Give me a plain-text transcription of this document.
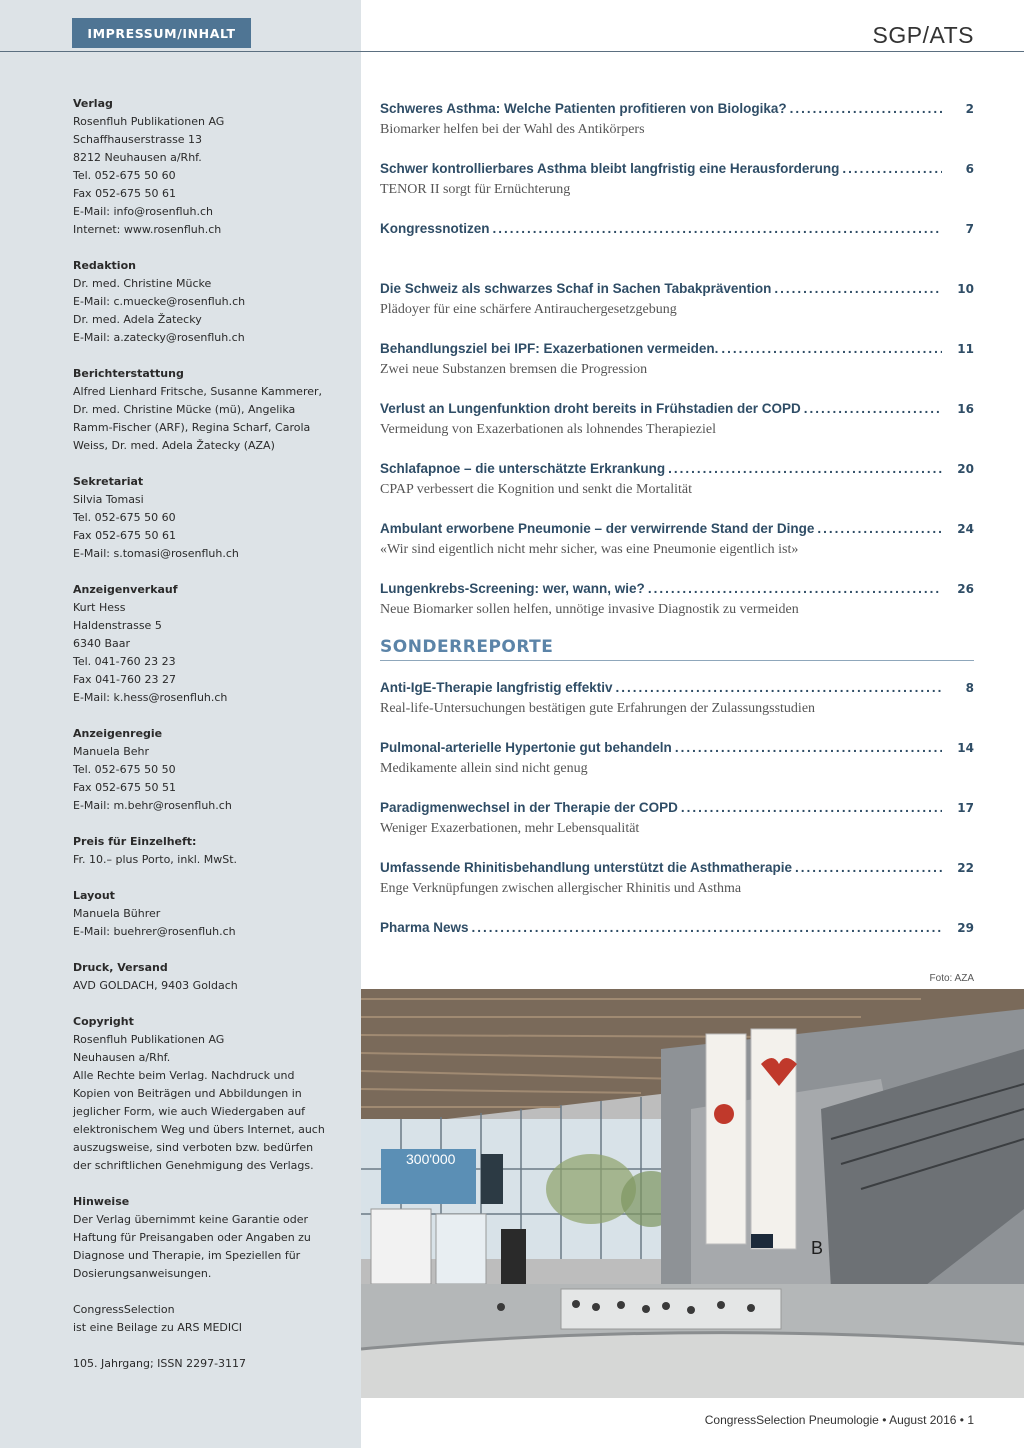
IMPRESSUM/INHALT
Verlag
Rosenfluh Publikationen AG
Schaffhauserstrasse 13
8212 Neuhausen a/Rhf.
Tel. 052-675 50 60
Fax 052-675 50 61
E-Mail: info@rosenfluh.ch
Internet: www.rosenfluh.ch
Redaktion
Dr. med. Christine Mücke
E-Mail: c.muecke@rosenfluh.ch
Dr. med. Adela Žatecky
E-Mail: a.zatecky@rosenfluh.ch
Berichterstattung
Alfred Lienhard Fritsche, Susanne Kammerer,
Dr. med. Christine Mücke (mü), Angelika
Ramm-Fischer (ARF), Regina Scharf, Carola
Weiss, Dr. med. Adela Žatecky (AZA)
Sekretariat
Silvia Tomasi
Tel. 052-675 50 60
Fax 052-675 50 61
E-Mail: s.tomasi@rosenfluh.ch
Anzeigenverkauf
Kurt Hess
Haldenstrasse 5
6340 Baar
Tel. 041-760 23 23
Fax 041-760 23 27
E-Mail: k.hess@rosenfluh.ch
Anzeigenregie
Manuela Behr
Tel. 052-675 50 50
Fax 052-675 50 51
E-Mail: m.behr@rosenfluh.ch
Preis für Einzelheft:
Fr. 10.– plus Porto, inkl. MwSt.
Layout
Manuela Bührer
E-Mail: buehrer@rosenfluh.ch
Druck, Versand
AVD GOLDACH, 9403 Goldach
Copyright
Rosenfluh Publikationen AG
Neuhausen a/Rhf.
Alle Rechte beim Verlag. Nachdruck und
Kopien von Beiträgen und Abbildungen in
jeglicher Form, wie auch Wiedergaben auf
elektronischem Weg und übers Internet, auch
auszugsweise, sind verboten bzw. bedürfen
der schriftlichen Genehmigung des Verlags.
Hinweise
Der Verlag übernimmt keine Garantie oder
Haftung für Preisangaben oder Angaben zu
Diagnose und Therapie, im Speziellen für
Dosierungsanweisungen.
CongressSelection
ist eine Beilage zu ARS MEDICI
105. Jahrgang; ISSN 2297-3117
SGP/ATS
Schweres Asthma: Welche Patienten profitieren von Biologika? .....	2
Biomarker helfen bei der Wahl des Antikörpers
Schwer kontrollierbares Asthma bleibt langfristig eine Herausforderung .....	6
TENOR II sorgt für Ernüchterung
Kongressnotizen .....	7
Die Schweiz als schwarzes Schaf in Sachen Tabakprävention .....	10
Plädoyer für eine schärfere Antirauchergesetzgebung
Behandlungsziel bei IPF: Exazerbationen vermeiden. .....	11
Zwei neue Substanzen bremsen die Progression
Verlust an Lungenfunktion droht bereits in Frühstadien der COPD .....	16
Vermeidung von Exazerbationen als lohnendes Therapieziel
Schlafapnoe – die unterschätzte Erkrankung .....	20
CPAP verbessert die Kognition und senkt die Mortalität
Ambulant erworbene Pneumonie – der verwirrende Stand der Dinge .....	24
«Wir sind eigentlich nicht mehr sicher, was eine Pneumonie eigentlich ist»
Lungenkrebs-Screening: wer, wann, wie? .....	26
Neue Biomarker sollen helfen, unnötige invasive Diagnostik zu vermeiden
SONDERREPORTE
Anti-IgE-Therapie langfristig effektiv .....	8
Real-life-Untersuchungen bestätigen gute Erfahrungen der Zulassungsstudien
Pulmonal-arterielle Hypertonie gut behandeln .....	14
Medikamente allein sind nicht genug
Paradigmenwechsel in der Therapie der COPD .....	17
Weniger Exazerbationen, mehr Lebensqualität
Umfassende Rhinitisbehandlung unterstützt die Asthmatherapie .....	22
Enge Verknüpfungen zwischen allergischer Rhinitis und Asthma
Pharma News .....	29
Foto: AZA
300'000
B
CongressSelection Pneumologie • August 2016 • 1
